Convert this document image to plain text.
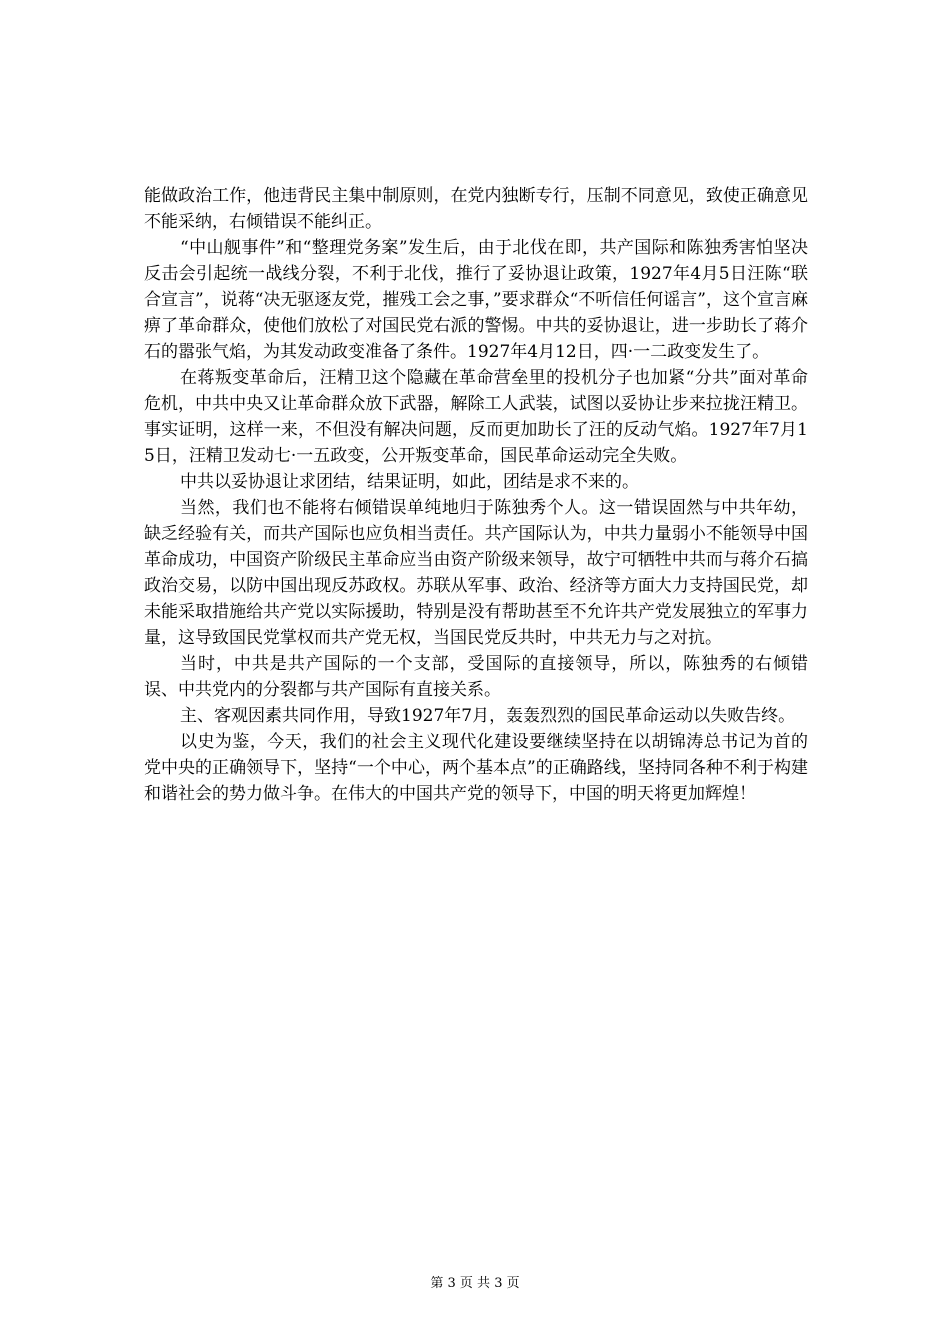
能做政治工作，他违背民主集中制原则，在党内独断专行，压制不同意见，致使正确意见不能采纳，右倾错误不能纠正。

“中山舰事件”和“整理党务案”发生后，由于北伐在即，共产国际和陈独秀害怕坚决反击会引起统一战线分裂，不利于北伐，推行了妥协退让政策，1927年4月5日汪陈“联合宣言”，说蒋“决无驱逐友党，摧残工会之事，”要求群众“不听信任何谣言”，这个宣言麻痹了革命群众，使他们放松了对国民党右派的警惕。中共的妥协退让，进一步助长了蒋介石的嚣张气焰，为其发动政变准备了条件。1927年4月12日，四·一二政变发生了。

在蒋叛变革命后，汪精卫这个隐藏在革命营垒里的投机分子也加紧“分共”面对革命危机，中共中央又让革命群众放下武器，解除工人武装，试图以妥协让步来拉拢汪精卫。事实证明，这样一来，不但没有解决问题，反而更加助长了汪的反动气焰。1927年7月15日，汪精卫发动七·一五政变，公开叛变革命，国民革命运动完全失败。

中共以妥协退让求团结，结果证明，如此，团结是求不来的。

当然，我们也不能将右倾错误单纯地归于陈独秀个人。这一错误固然与中共年幼，缺乏经验有关，而共产国际也应负相当责任。共产国际认为，中共力量弱小不能领导中国革命成功，中国资产阶级民主革命应当由资产阶级来领导，故宁可牺牲中共而与蒋介石搞政治交易，以防中国出现反苏政权。苏联从军事、政治、经济等方面大力支持国民党，却未能采取措施给共产党以实际援助，特别是没有帮助甚至不允许共产党发展独立的军事力量，这导致国民党掌权而共产党无权，当国民党反共时，中共无力与之对抗。

当时，中共是共产国际的一个支部，受国际的直接领导，所以，陈独秀的右倾错误、中共党内的分裂都与共产国际有直接关系。

主、客观因素共同作用，导致1927年7月，轰轰烈烈的国民革命运动以失败告终。

以史为鉴，今天，我们的社会主义现代化建设要继续坚持在以胡锦涛总书记为首的党中央的正确领导下，坚持“一个中心，两个基本点”的正确路线，坚持同各种不利于构建和谐社会的势力做斗争。在伟大的中国共产党的领导下，中国的明天将更加辉煌！

第 3 页 共 3 页
